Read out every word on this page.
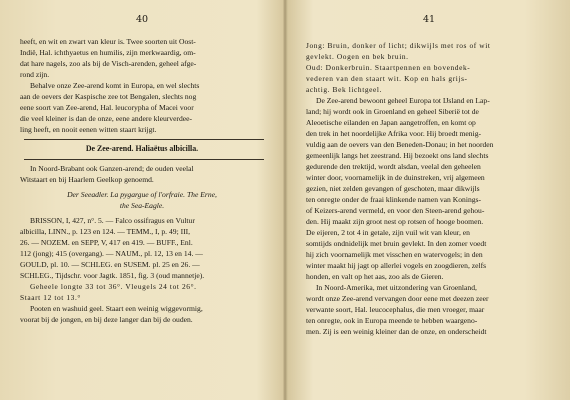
40
heeft, en wit en zwart van kleur is. Twee soorten uit Oost-
Indië, Hal. ichthyaetus en humilis, zijn merkwaardig, om-
dat hare nagels, zoo als bij de Visch-arenden, geheel afge-
rond zijn.
Behalve onze Zee-arend komt in Europa, en wel slechts
aan de oevers der Kaspische zee tot Bengalen, slechts nog
eene soort van Zee-arend, Hal. leucorypha of Macei voor
die veel kleiner is dan de onze, eene andere kleurverdee-
ling heeft, en nooit eenen witten staart krijgt.
De Zee-arend. Haliaëtus albicilla.
In Noord-Brabant ook Ganzen-arend; de ouden veelal
Witstaart en bij Haarlem Geelkop genoemd.
Der Seeadler. La pygargue of l'orfraie. The Erne,
the Sea-Eagle.
BRISSON, I, 427, n°. 5. — Falco ossifragus en Vultur
albicilla, LINN., p. 123 en 124. — TEMM., I, p. 49; III,
26. — NOZEM. en SEPP, V, 417 en 419. — BUFF., Enl.
112 (jong); 415 (overgang). — NAUM., pl. 12, 13 en 14. —
GOULD, pl. 10. — SCHLEG. en SUSEM. pl. 25 en 26. —
SCHLEG., Tijdschr. voor Jagtk. 1851, fig. 3 (oud mannetje).
Geheele longte 33 tot 36°. Vleugels 24 tot 26°.
Staart 12 tot 13.°
Pooten en washuid geel. Staart een weinig wiggevormig,
voorat bij de jongen, en bij deze langer dan bij de ouden.
41
Jong: Bruin, donker of licht; dikwijls met ros of wit
gevlekt. Oogen en bek bruin.
Oud: Donkerbruin. Staartpennen en bovendek-
vederen van den staart wit. Kop en hals grijs-
achtig. Bek lichtgeel.
De Zee-arend bewoont geheel Europa tot IJsland en Lap-
land; hij wordt ook in Groenland en geheel Siberië tot de
Aleoetische eilanden en Japan aangetroffen, en komt op
den trek in het noordelijke Afrika voor. Hij broedt menig-
vuldig aan de oevers van den Beneden-Donau; in het noorden
gemeenlijk langs het zeestrand. Hij bezoekt ons land slechts
gedurende den trektijd, wordt alsdan, veelal den geheelen
winter door, voornamelijk in de duinstreken, vrij algemeen
gezien, niet zelden gevangen of geschoten, maar dikwijls
ten onregte onder de fraai klinkende namen van Konings-
of Keizers-arend vermeld, en voor den Steen-arend gehou-
den. Hij maakt zijn groot nest op rotsen of hooge boomen.
De eijeren, 2 tot 4 in getale, zijn vuil wit van kleur, en
somtijds ondnidelijk met bruin gevlekt. In den zomer voedt
hij zich voornamelijk met visschen en watervogels; in den
winter maakt hij jagt op allerlei vogels en zoogdieren, zelfs
honden, en valt op het aas, zoo als de Gieren.
In Noord-Amerika, met uitzondering van Groenland,
wordt onze Zee-arend vervangen door eene met deezen zeer
verwante soort, Hal. leucocephalus, die men vroeger, maar
ten onregte, ook in Europa meende te hebben waargeno-
men. Zij is een weinig kleiner dan de onze, en onderscheidt
